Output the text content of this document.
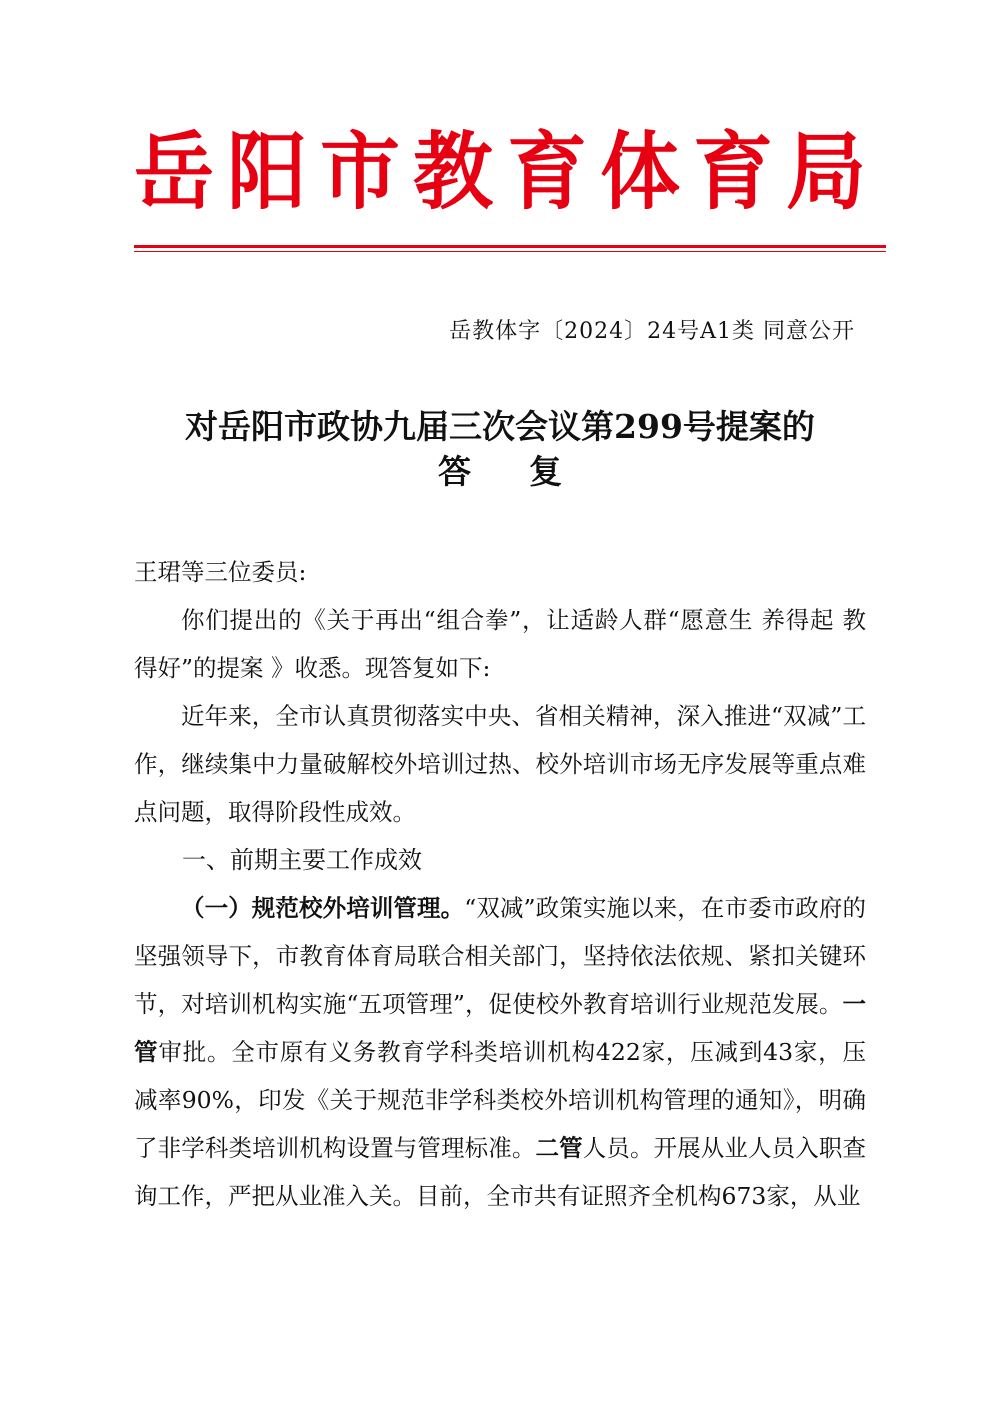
岳 阳 市 教 育 体 育 局
岳教体字〔2024〕24号A1类 同意公开
对岳阳市政协九届三次会议第299号提案的
答复

王珺等三位委员:

你们提出的《关于再出“组合拳”，让适龄人群“愿意生 养得起 教得好”的提案 》收悉。现答复如下:

近年来，全市认真贯彻落实中央、省相关精神，深入推进“双减”工作，继续集中力量破解校外培训过热、校外培训市场无序发展等重点难点问题，取得阶段性成效。

一、前期主要工作成效

（一）规范校外培训管理。“双减”政策实施以来，在市委市政府的坚强领导下，市教育体育局联合相关部门，坚持依法依规、紧扣关键环节，对培训机构实施“五项管理”，促使校外教育培训行业规范发展。一管审批。全市原有义务教育学科类培训机构422家，压减到43家，压减率90%，印发《关于规范非学科类校外培训机构管理的通知》，明确了非学科类培训机构设置与管理标准。二管人员。开展从业人员入职查询工作，严把从业准入关。目前，全市共有证照齐全机构673家，从业
